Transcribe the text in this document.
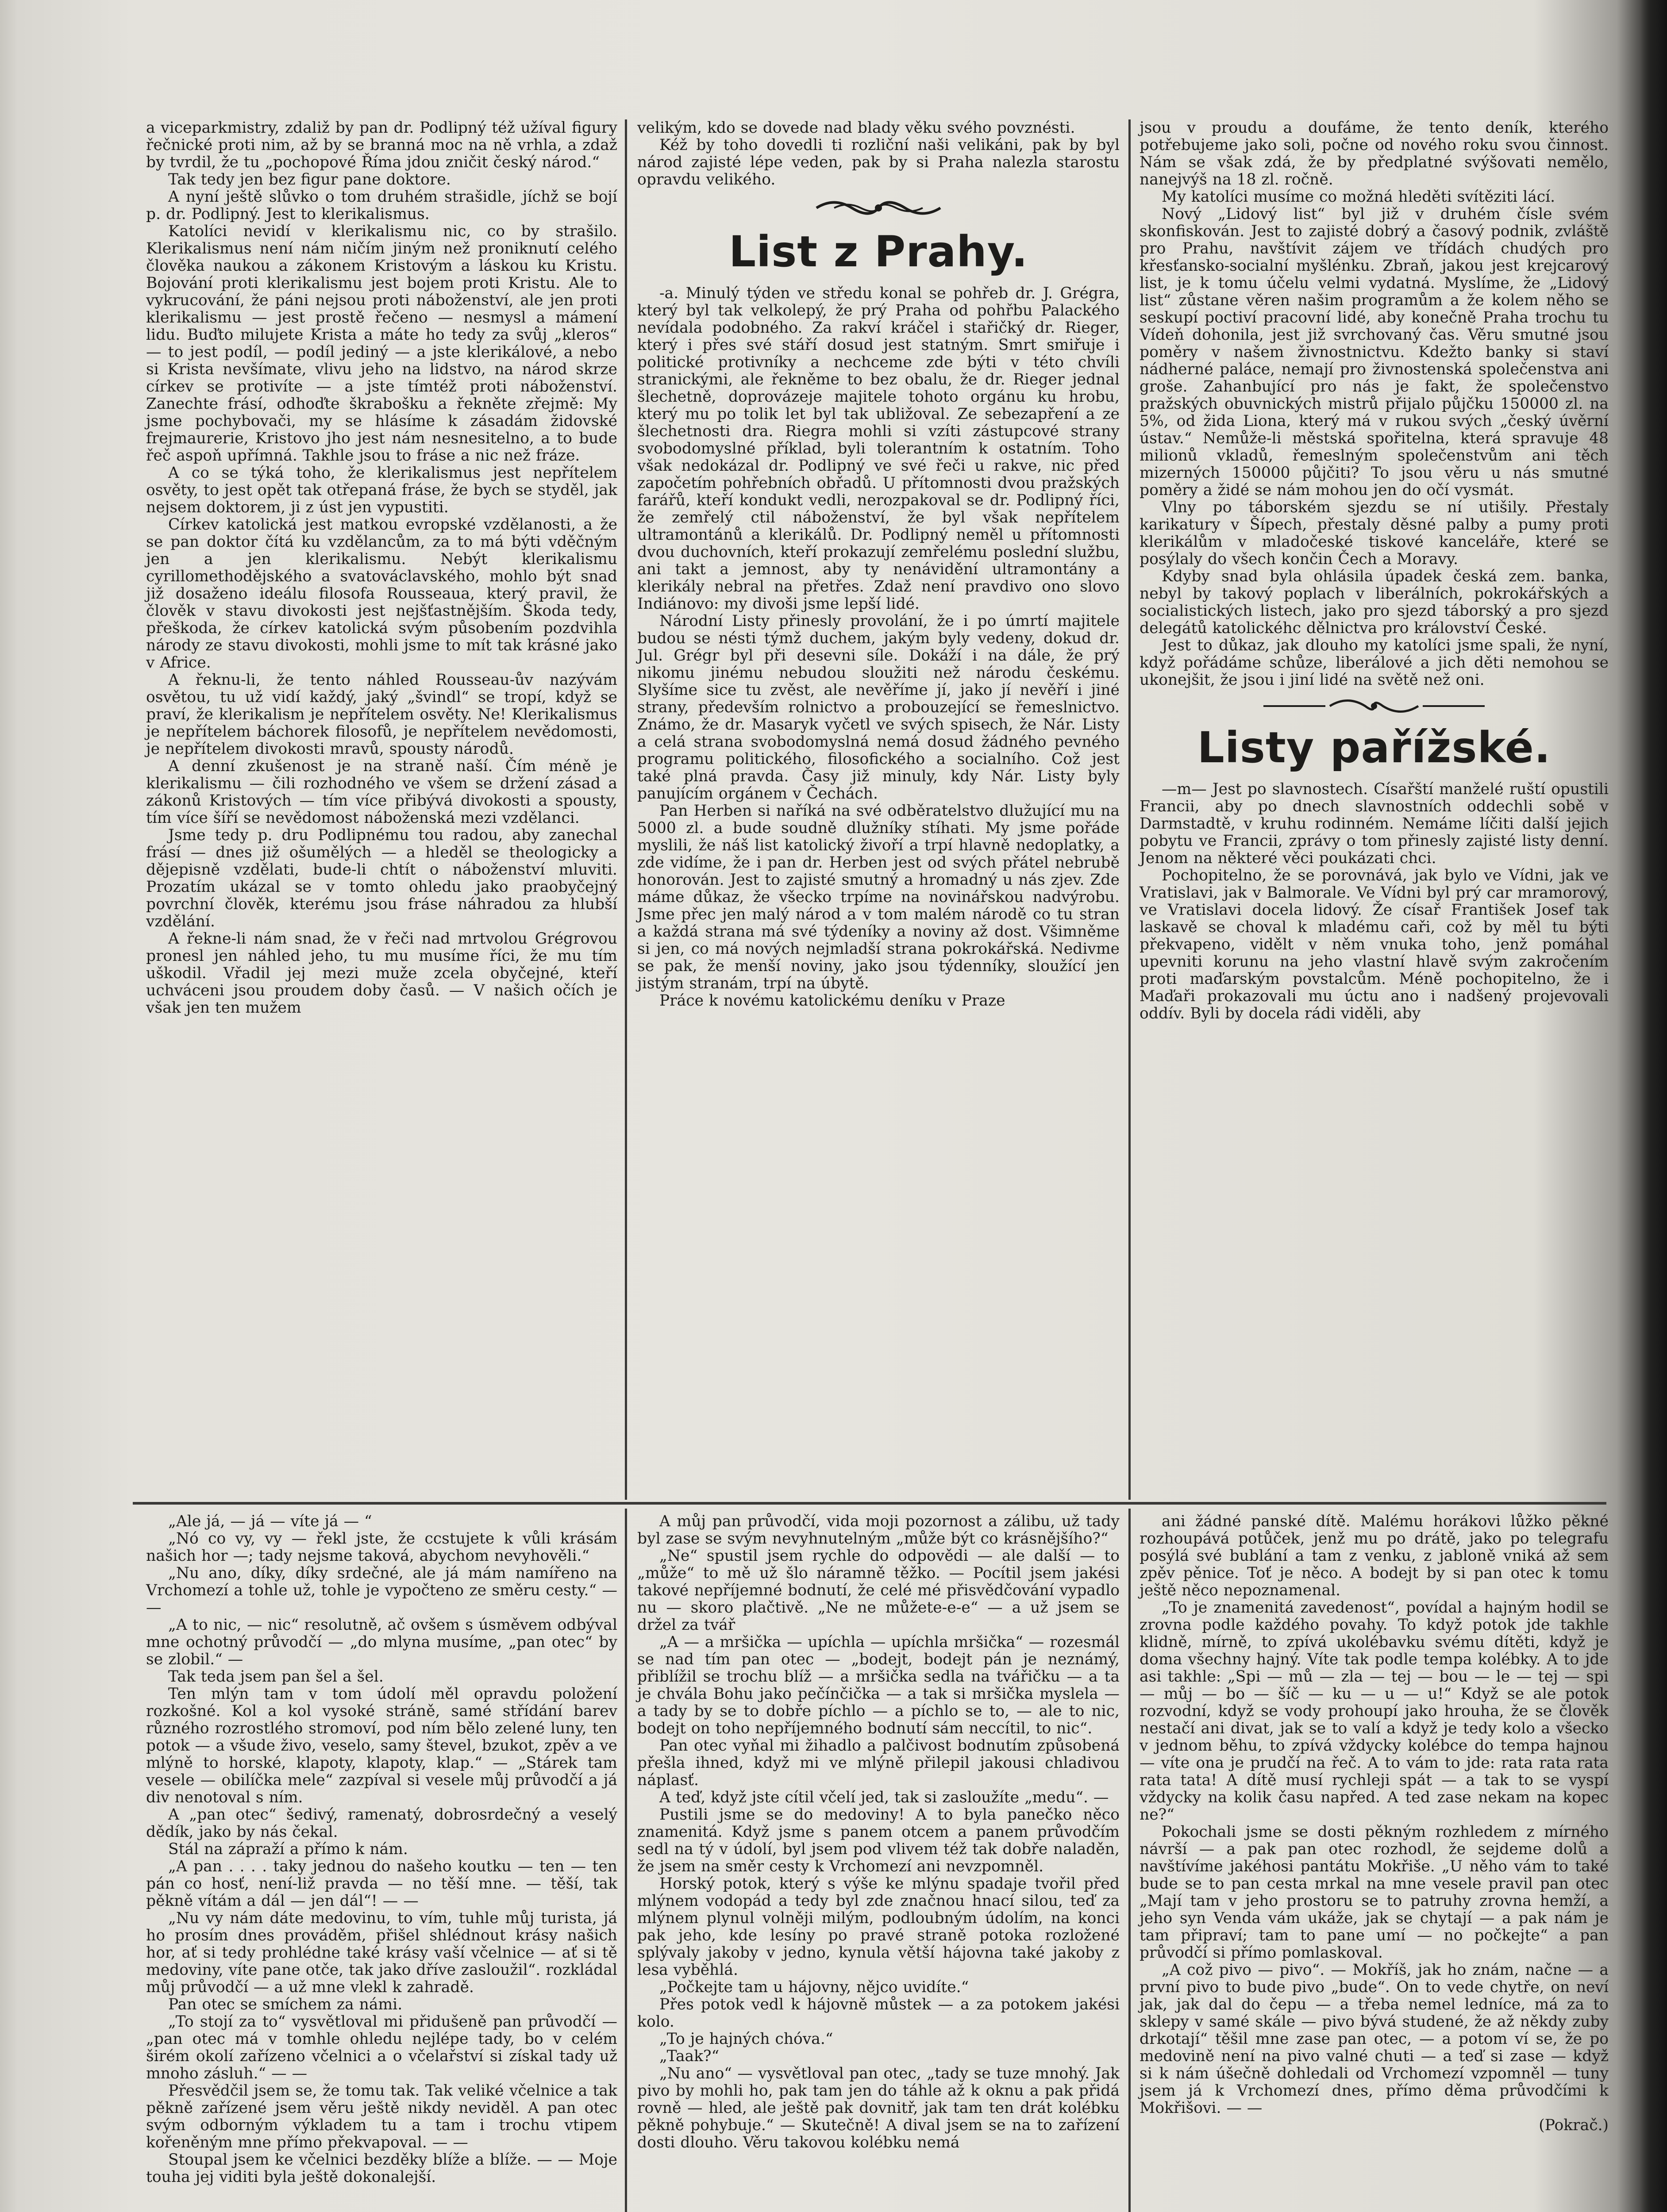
a viceparkmistry, zdaliž by pan dr. Podlipný též užíval figury řečnické proti nim, až by se branná moc na ně vrhla, a zdaž by tvrdil, že tu „pochopové Říma jdou zničit český národ.“

Tak tedy jen bez figur pane doktore.

A nyní ještě slůvko o tom druhém strašidle, jíchž se bojí p. dr. Podlipný. Jest to klerikalismus.

Katolíci nevidí v klerikalismu nic, co by strašilo. Klerikalismus není nám ničím jiným než proniknutí celého člověka naukou a zákonem Kristovým a láskou ku Kristu. Bojování proti klerikalismu jest bojem proti Kristu. Ale to vykrucování, že páni nejsou proti náboženství, ale jen proti klerikalismu — jest prostě řečeno — nesmysl a mámení lidu. Buďto milujete Krista a máte ho tedy za svůj „kleros“ — to jest podíl, — podíl jediný — a jste klerikálové, a nebo si Krista nevšímate, vlivu jeho na lidstvo, na národ skrze církev se protivíte — a jste tímtéž proti náboženství. Zanechte frásí, odhoďte škrabošku a řekněte zřejmě: My jsme pochybovači, my se hlásíme k zásadám židovské frejmaurerie, Kristovo jho jest nám nesnesitelno, a to bude řeč aspoň upřímná. Takhle jsou to fráse a nic než fráze.

A co se týká toho, že klerikalismus jest nepřítelem osvěty, to jest opět tak otřepaná fráse, že bych se styděl, jak nejsem doktorem, ji z úst jen vypustiti.

Církev katolická jest matkou evropské vzdělanosti, a že se pan doktor čítá ku vzdělancům, za to má býti vděčným jen a jen klerikalismu. Nebýt klerikalismu cyrillomethodějského a svatováclavského, mohlo být snad již dosaženo ideálu filosofa Rousseaua, který pravil, že člověk v stavu divokosti jest nejšťastnějším. Škoda tedy, přeškoda, že církev katolická svým působením pozdvihla národy ze stavu divokosti, mohli jsme to mít tak krásné jako v Africe.

A řeknu-li, že tento náhled Rousseau-ův nazývám osvětou, tu už vidí každý, jaký „švindl“ se tropí, když se praví, že klerikalism je nepřítelem osvěty. Ne! Klerikalismus je nepřítelem báchorek filosofů, je nepřítelem nevědomosti, je nepřítelem divokosti mravů, spousty národů.

A denní zkušenost je na straně naší. Čím méně je klerikalismu — čili rozhodného ve všem se držení zásad a zákonů Kristových — tím více přibývá divokosti a spousty, tím více šíří se nevědomost náboženská mezi vzdělanci.

Jsme tedy p. dru Podlipnému tou radou, aby zanechal frásí — dnes již ošumělých — a hleděl se theologicky a dějepisně vzdělati, bude-li chtít o náboženství mluviti. Prozatím ukázal se v tomto ohledu jako praobyčejný povrchní člověk, kterému jsou fráse náhradou za hlubší vzdělání.

A řekne-li nám snad, že v řeči nad mrtvolou Grégrovou pronesl jen náhled jeho, tu mu musíme říci, že mu tím uškodil. Vřadil jej mezi muže zcela obyčejné, kteří uchváceni jsou proudem doby časů. — V našich očích je však jen ten mužem

velikým, kdo se dovede nad blady věku svého povznésti.

Kéž by toho dovedli ti rozliční naši velikáni, pak by byl národ zajisté lépe veden, pak by si Praha nalezla starostu opravdu velikého.

List z Prahy.

-a. Minulý týden ve středu konal se pohřeb dr. J. Grégra, který byl tak velkolepý, že prý Praha od pohřbu Palackého nevídala podobného. Za rakví kráčel i stařičký dr. Rieger, který i přes své stáří dosud jest statným. Smrt smiřuje i politické protivníky a nechceme zde býti v této chvíli stranickými, ale řekněme to bez obalu, že dr. Rieger jednal šlechetně, doprovázeje majitele tohoto orgánu ku hrobu, který mu po tolik let byl tak ubližoval. Ze sebezapření a ze šlechetnosti dra. Riegra mohli si vzíti zástupcové strany svobodomyslné příklad, byli tolerantním k ostatním. Toho však nedokázal dr. Podlipný ve své řeči u rakve, nic před započetím pohřebních obřadů. U přítomnosti dvou pražských farářů, kteří kondukt vedli, nerozpakoval se dr. Podlipný říci, že zemřelý ctil náboženství, že byl však nepřítelem ultramontánů a klerikálů. Dr. Podlipný neměl u přítomnosti dvou duchovních, kteří prokazují zemřelému poslední službu, ani takt a jemnost, aby ty nenávidění ultramontány a klerikály nebral na přetřes. Zdaž není pravdivo ono slovo Indiánovo: my divoši jsme lepší lidé.

Národní Listy přinesly provolání, že i po úmrtí majitele budou se nésti týmž duchem, jakým byly vedeny, dokud dr. Jul. Grégr byl při desevni síle. Dokáží i na dále, že prý nikomu jinému nebudou sloužiti než národu českému. Slyšíme sice tu zvěst, ale nevěříme jí, jako jí nevěří i jiné strany, především rolnictvo a probouzející se řemeslnictvo. Známo, že dr. Masaryk vyčetl ve svých spisech, že Nár. Listy a celá strana svobodomyslná nemá dosud žádného pevného programu politického, filosofického a socialního. Což jest také plná pravda. Časy již minuly, kdy Nár. Listy byly panujícím orgánem v Čechách.

Pan Herben si naříká na své odběratelstvo dlužující mu na 5000 zl. a bude soudně dlužníky stíhati. My jsme pořáde myslili, že náš list katolický živoří a trpí hlavně nedoplatky, a zde vidíme, že i pan dr. Herben jest od svých přátel nebrubě honorován. Jest to zajisté smutný a hromadný u nás zjev. Zde máme důkaz, že všecko trpíme na novinářskou nadvýrobu. Jsme přec jen malý národ a v tom malém národě co tu stran a každá strana má své týdeníky a noviny až dost. Všimněme si jen, co má nových nejmladší strana pokrokářská. Nedivme se pak, že menší noviny, jako jsou týdenníky, sloužící jen jistým stranám, trpí na úbytě.

Práce k novému katolickému deníku v Praze

jsou v proudu a doufáme, že tento deník, kterého potřebujeme jako soli, počne od nového roku svou činnost. Nám se však zdá, že by předplatné svýšovati nemělo, nanejvýš na 18 zl. ročně.

My katolíci musíme co možná hleděti svítěziti lácí.

Nový „Lidový list“ byl již v druhém čísle svém skonfiskován. Jest to zajisté dobrý a časový podnik, zvláště pro Prahu, navštívit zájem ve třídách chudých pro křesťansko-socialní myšlénku. Zbraň, jakou jest krejcarový list, je k tomu účelu velmi vydatná. Myslíme, že „Lidový list“ zůstane věren našim programům a že kolem něho se seskupí poctiví pracovní lidé, aby konečně Praha trochu tu Vídeň dohonila, jest již svrchovaný čas. Věru smutné jsou poměry v našem živnostnictvu. Kdežto banky si staví nádherné paláce, nemají pro živnostenská společenstva ani groše. Zahanbující pro nás je fakt, že společenstvo pražských obuvnických mistrů přijalo půjčku 150000 zl. na 5%, od žida Liona, který má v rukou svých „český úvěrní ústav.“ Nemůže-li městská spořitelna, která spravuje 48 milionů vkladů, řemeslným společenstvům ani těch mizerných 150000 půjčiti? To jsou věru u nás smutné poměry a židé se nám mohou jen do očí vysmát.

Vlny po táborském sjezdu se ní utišily. Přestaly karikatury v Šípech, přestaly děsné palby a pumy proti klerikálům v mladočeské tiskové kanceláře, které se posýlaly do všech končin Čech a Moravy.

Kdyby snad byla ohlásila úpadek česká zem. banka, nebyl by takový poplach v liberálních, pokrokářských a socialistických listech, jako pro sjezd táborský a pro sjezd delegátů katolickéhc dělnictva pro království České.

Jest to důkaz, jak dlouho my katolíci jsme spali, že nyní, když pořádáme schůze, liberálové a jich děti nemohou se ukonejšit, že jsou i jiní lidé na světě než oni.

Listy pařížské.

—m— Jest po slavnostech. Císařští manželé ruští opustili Francii, aby po dnech slavnostních oddechli sobě v Darmstadtě, v kruhu rodinném. Nemáme líčiti další jejich pobytu ve Francii, zprávy o tom přinesly zajisté listy denní. Jenom na některé věci poukázati chci.

Pochopitelno, že se porovnává, jak bylo ve Vídni, jak ve Vratislavi, jak v Balmorale. Ve Vídni byl prý car mramorový, ve Vratislavi docela lidový. Že císař František Josef tak laskavě se choval k mladému caři, což by měl tu býti překvapeno, vidělt v něm vnuka toho, jenž pomáhal upevniti korunu na jeho vlastní hlavě svým zakročením proti maďarským povstalcům. Méně pochopitelno, že i Maďaři prokazovali mu úctu ano i nadšený projevovali oddív. Byli by docela rádi viděli, aby

„Ale já, — já — víte já — “

„Nó co vy, vy — řekl jste, že ccstujete k vůli krásám našich hor —; tady nejsme taková, abychom nevyhověli.“

„Nu ano, díky, díky srdečné, ale já mám namířeno na Vrchomezí a tohle už, tohle je vypočteno ze směru cesty.“ — —

„A to nic, — nic“ resolutně, ač ovšem s úsměvem odbýval mne ochotný průvodčí — „do mlyna musíme, „pan otec“ by se zlobil.“ —

Tak teda jsem pan šel a šel.

Ten mlýn tam v tom údolí měl opravdu položení rozkošné. Kol a kol vysoké stráně, samé střídání barev různého rozrostlého stromoví, pod ním bělo zelené luny, ten potok — a všude živo, veselo, samy števel, bzukot, zpěv a ve mlýně to horské, klapoty, klapoty, klap.“ — „Stárek tam vesele — obilíčka mele“ zazpíval si vesele můj průvodčí a já div nenotoval s ním.

A „pan otec“ šedivý, ramenatý, dobrosrdečný a veselý dědík, jako by nás čekal.

Stál na zápraží a přímo k nám.

„A pan . . . . taky jednou do našeho koutku — ten — ten pán co hosť, není-liž pravda — no těší mne. — těší, tak pěkně vítám a dál — jen dál“! — —

„Nu vy nám dáte medovinu, to vím, tuhle můj turista, já ho prosím dnes prováděm, přišel shlédnout krásy našich hor, ať si tedy prohlédne také krásy vaší včelnice — ať si tě medoviny, víte pane otče, tak jako dříve zasloužil“. rozkládal můj průvodčí — a už mne vlekl k zahradě.

Pan otec se smíchem za námi.

„To stojí za to“ vysvětloval mi přidušeně pan průvodčí — „pan otec má v tomhle ohledu nejlépe tady, bo v celém širém okolí zařízeno včelnici a o včelařství si získal tady už mnoho zásluh.“ — —

Přesvědčil jsem se, že tomu tak. Tak veliké včelnice a tak pěkně zařízené jsem věru ještě nikdy neviděl. A pan otec svým odborným výkladem tu a tam i trochu vtipem kořeněným mne přímo překvapoval. — —

Stoupal jsem ke včelnici bezděky blíže a blíže. — — Moje touha jej viditi byla ještě dokonalejší.

A můj pan průvodčí, vida moji pozornost a zálibu, už tady byl zase se svým nevyhnutelným „může být co krásnějšího?“

„Ne“ spustil jsem rychle do odpovědi — ale další — to „může“ to mě už šlo náramně těžko. — Pocítil jsem jakési takové nepříjemné bodnutí, že celé mé přisvědčování vypadlo nu — skoro plačtivě. „Ne ne můžete-e-e“ — a už jsem se držel za tvář

„A — a mršička — upíchla — upíchla mršička“ — rozesmál se nad tím pan otec — „bodejt, bodejt pán je neznámý, přiblížil se trochu blíž — a mršička sedla na tvářičku — a ta je chvála Bohu jako pečínčička — a tak si mršička myslela — a tady by se to dobře píchlo — a píchlo se to, — ale to nic, bodejt on toho nepříjemného bodnutí sám neccítil, to nic“.

Pan otec vyňal mi žihadlo a palčivost bodnutím způsobená přešla ihned, když mi ve mlýně přilepil jakousi chladivou náplasť.

A teď, když jste cítil včelí jed, tak si zasloužíte „medu“. —

Pustili jsme se do medoviny! A to byla panečko něco znamenitá. Když jsme s panem otcem a panem průvodčím sedl na tý v údolí, byl jsem pod vlivem též tak dobře naladěn, že jsem na směr cesty k Vrchomezí ani nevzpomněl.

Horský potok, který s výše ke mlýnu spadaje tvořil před mlýnem vodopád a tedy byl zde značnou hnací silou, teď za mlýnem plynul volněji milým, podloubným údolím, na konci pak jeho, kde lesíny po pravé straně potoka rozložené splývaly jakoby v jedno, kynula větší hájovna také jakoby z lesa vyběhlá.

„Počkejte tam u hájovny, nějco uvidíte.“

Přes potok vedl k hájovně můstek — a za potokem jakési kolo.

„To je hajných chóva.“

„Taak?“

„Nu ano“ — vysvětloval pan otec, „tady se tuze mnohý. Jak pivo by mohli ho, pak tam jen do táhle až k oknu a pak přidá rovně — hled, ale ještě pak dovnitř, jak tam ten drát kolébku pěkně pohybuje.“ — Skutečně! A dival jsem se na to zařízení dosti dlouho. Věru takovou kolébku nemá

ani žádné panské dítě. Malému horákovi lůžko pěkné rozhoupává potůček, jenž mu po drátě, jako po telegrafu posýlá své bublání a tam z venku, z jabloně vniká až sem zpěv pěnice. Toť je něco. A bodejt by si pan otec k tomu ještě něco nepoznamenal.

„To je znamenitá zavedenost“, povídal a hajným hodil se zrovna podle každého povahy. To když potok jde takhle klidně, mírně, to zpívá ukolébavku svému dítěti, když je doma všechny hajný. Víte tak podle tempa kolébky. A to jde asi takhle: „Spi — mů — zla — tej — bou — le — tej — spi — můj — bo — šíč — ku — u — u!“ Když se ale potok rozvodní, když se vody prohoupí jako hrouha, že se člověk nestačí ani divat, jak se to valí a když je tedy kolo a všecko v jednom běhu, to zpívá vždycky kolébce do tempa hajnou — víte ona je prudčí na řeč. A to vám to jde: rata rata rata rata tata! A dítě musí rychleji spát — a tak to se vyspí vždycky na kolik času napřed. A ted zase nekam na kopec ne?“

Pokochali jsme se dosti pěkným rozhledem z mírného návrší — a pak pan otec rozhodl, že sejdeme dolů a navštívíme jakéhosi pantátu Mokřiše. „U něho vám to také bude se to pan cesta mrkal na mne vesele pravil pan otec „Mají tam v jeho prostoru se to patruhy zrovna hemží, a jeho syn Venda vám ukáže, jak se chytají — a pak nám je tam připraví; tam to pane umí — no počkejte“ a pan průvodčí si přímo pomlaskoval.

„A což pivo — pivo“. — Mokříš, jak ho znám, načne — a první pivo to bude pivo „bude“. On to vede chytře, on neví jak, jak dal do čepu — a třeba nemel ledníce, má za to sklepy v samé skále — pivo bývá studené, že až někdy zuby drkotají“ těšil mne zase pan otec, — a potom ví se, že po medovině není na pivo valné chuti — a teď si zase — když si k nám úšečně dohledali od Vrchomezí vzpomněl — tuny jsem já k Vrchomezí dnes, přímo děma průvodčími k Mokřišovi. — —

(Pokrač.)
